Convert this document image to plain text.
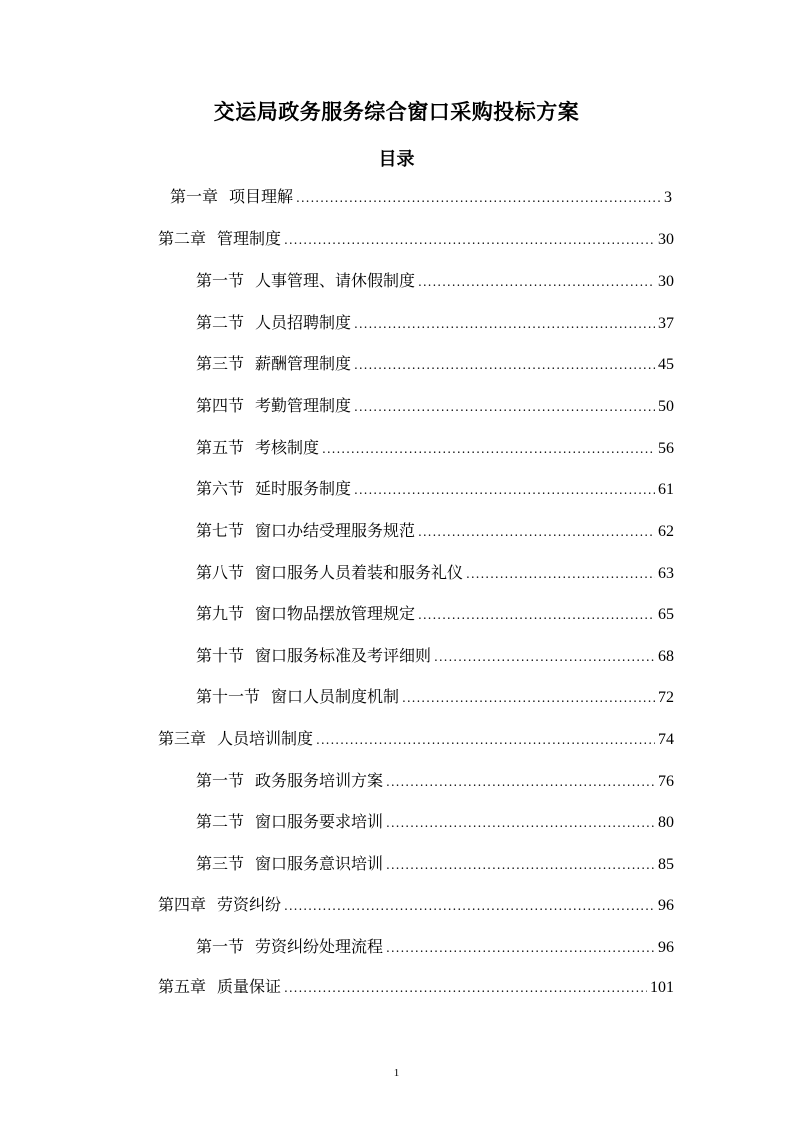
交运局政务服务综合窗口采购投标方案
目录
第一章 项目理解 .....	3
第二章 管理制度 .....	30
第一节 人事管理、请休假制度 .....	30
第二节 人员招聘制度 .....	37
第三节 薪酬管理制度 .....	45
第四节 考勤管理制度 .....	50
第五节 考核制度 .....	56
第六节 延时服务制度 .....	61
第七节 窗口办结受理服务规范 .....	62
第八节 窗口服务人员着装和服务礼仪 .....	63
第九节 窗口物品摆放管理规定 .....	65
第十节 窗口服务标准及考评细则 .....	68
第十一节 窗口人员制度机制 .....	72
第三章 人员培训制度 .....	74
第一节 政务服务培训方案 .....	76
第二节 窗口服务要求培训 .....	80
第三节 窗口服务意识培训 .....	85
第四章 劳资纠纷 .....	96
第一节 劳资纠纷处理流程 .....	96
第五章 质量保证 .....	101
1
